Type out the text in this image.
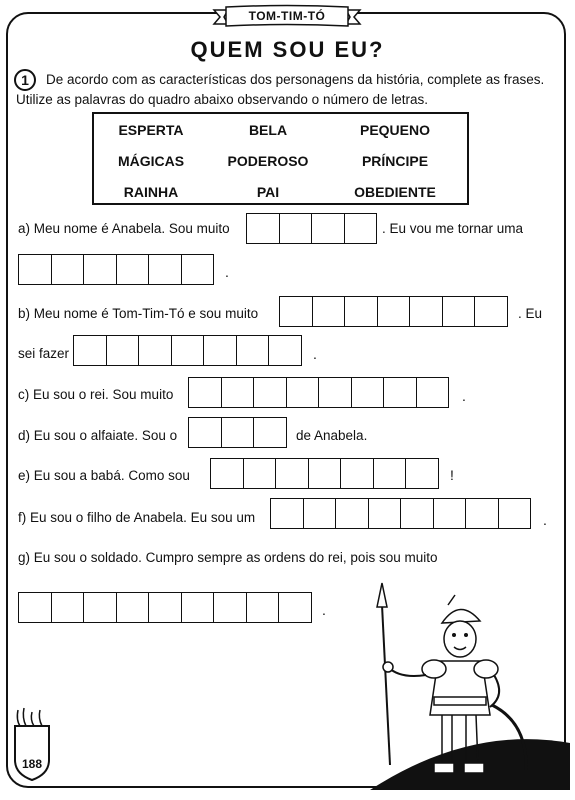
TOM-TIM-TÓ
QUEM SOU EU?
1	De acordo com as características dos personagens da história, complete as frases.
Utilize as palavras do quadro abaixo observando o número de letras.
ESPERTA	BELA	PEQUENO
MÁGICAS	PODEROSO	PRÍNCIPE
RAINHA	PAI	OBEDIENTE
a) Meu nome é Anabela. Sou muito	. Eu vou me tornar uma
.
b) Meu nome é Tom-Tim-Tó e sou muito	. Eu
sei fazer	.
c) Eu sou o rei. Sou muito	.
d) Eu sou o alfaiate. Sou o	de Anabela.
e) Eu sou a babá. Como sou	!
f) Eu sou o filho de Anabela. Eu sou um	.
g) Eu sou o soldado. Cumpro sempre as ordens do rei, pois sou muito
.
188
